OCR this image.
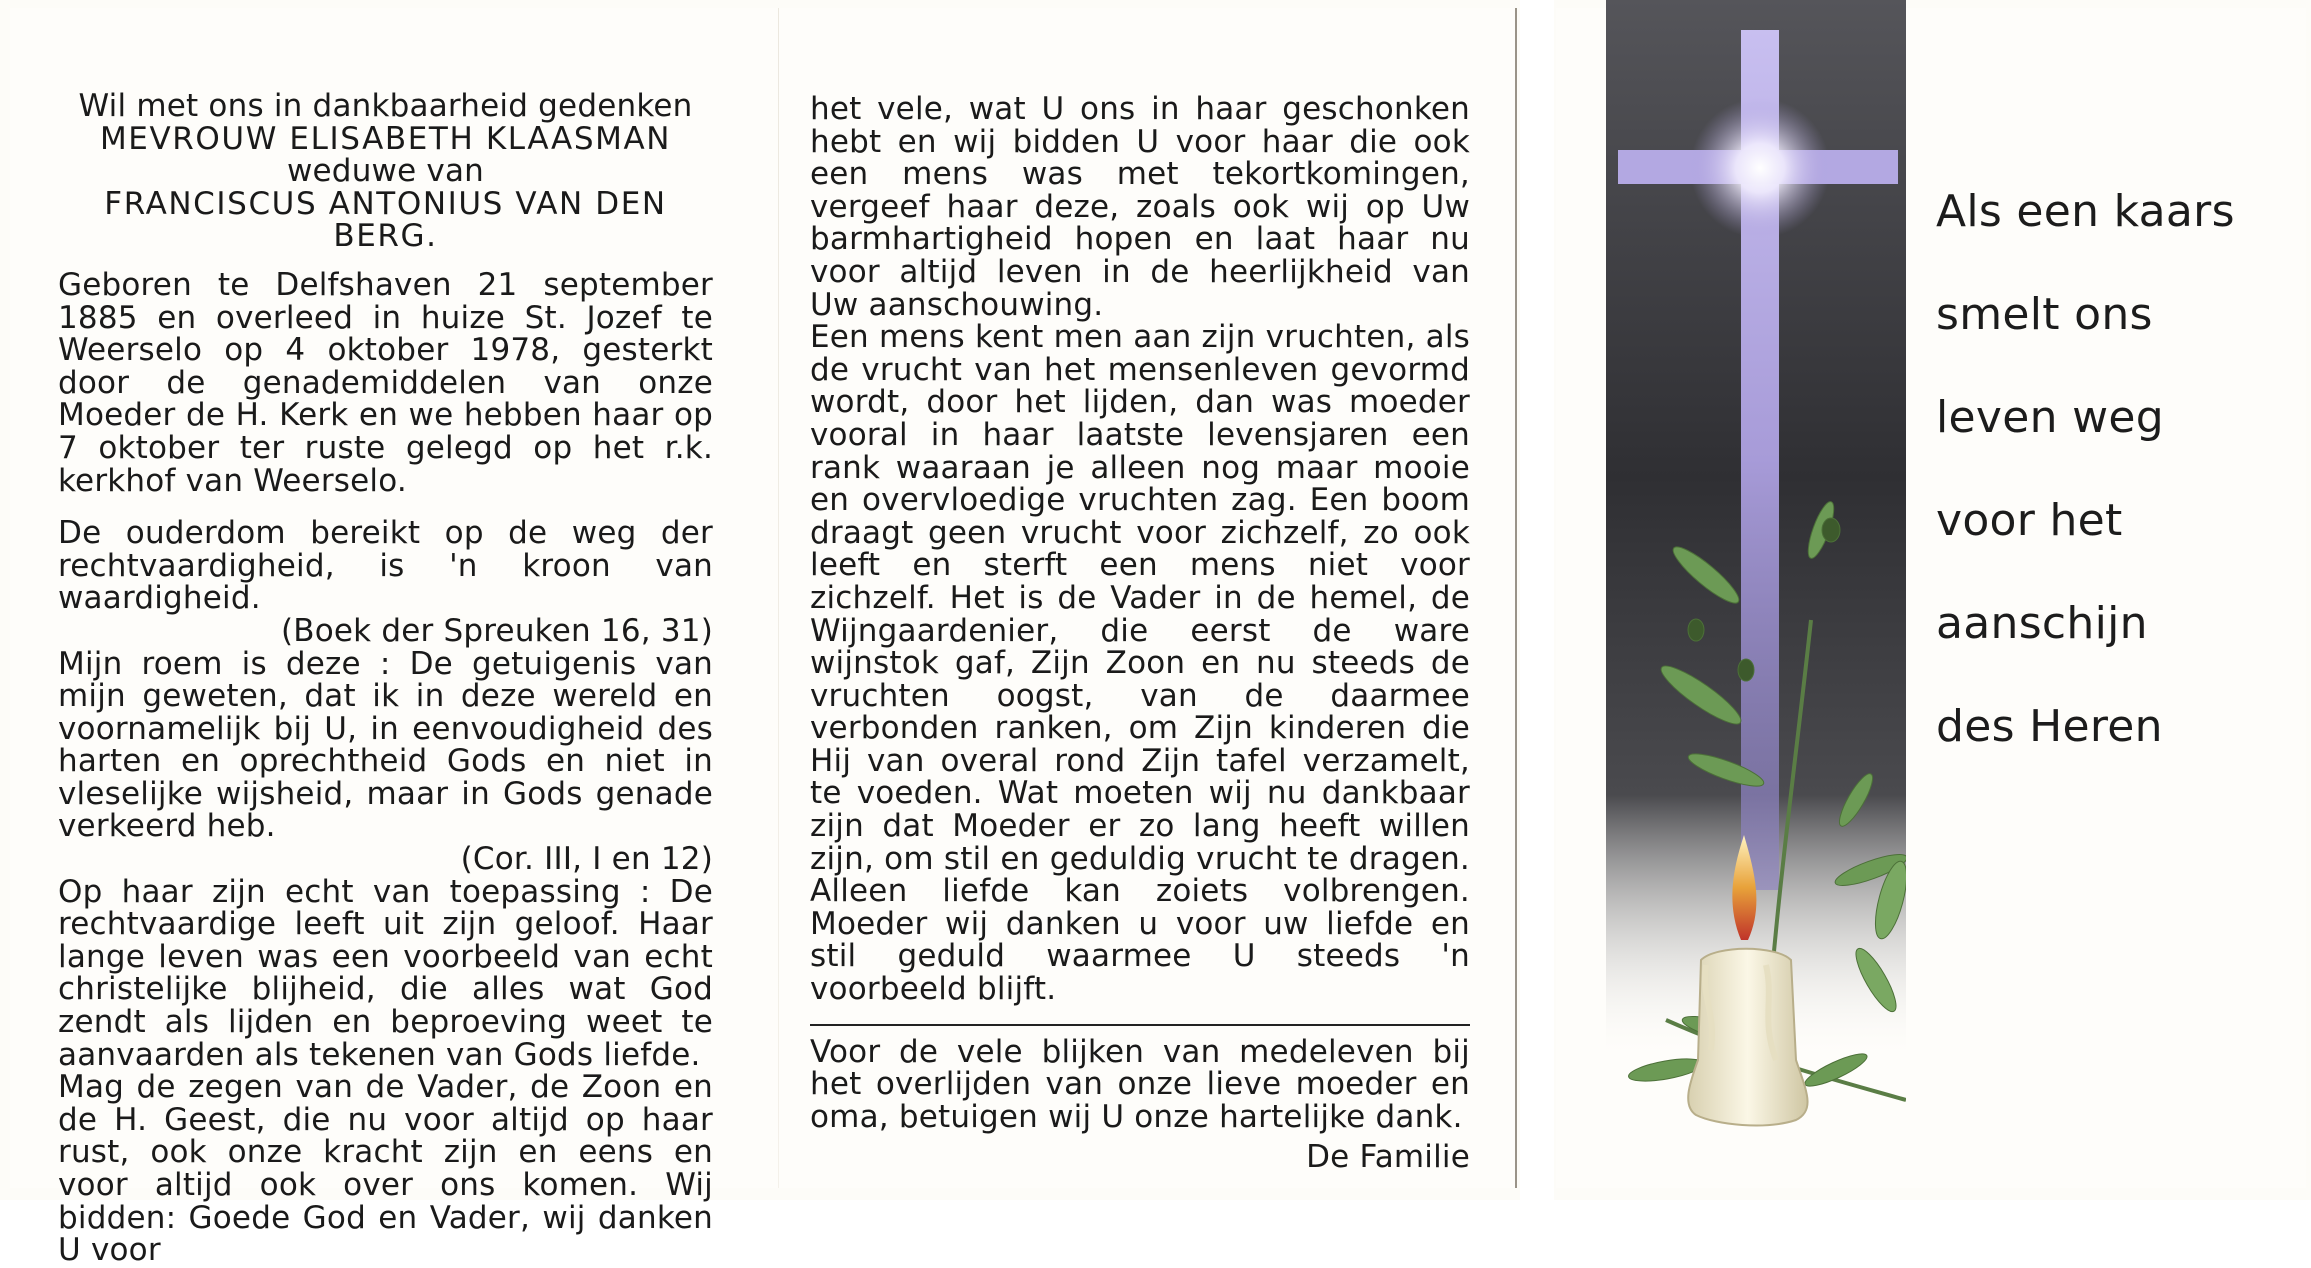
Wil met ons in dankbaarheid gedenken

MEVROUW ELISABETH KLAASMAN

weduwe van

FRANCISCUS ANTONIUS VAN DEN BERG.

Geboren te Delfshaven 21 september 1885 en overleed in huize St. Jozef te Weerselo op 4 oktober 1978, gesterkt door de genademiddelen van onze Moeder de H. Kerk en we hebben haar op 7 oktober ter ruste gelegd op het r.k. kerkhof van Weerselo.

De ouderdom bereikt op de weg der rechtvaardigheid, is 'n kroon van waardigheid.

(Boek der Spreuken 16, 31)

Mijn roem is deze : De getuigenis van mijn geweten, dat ik in deze wereld en voornamelijk bij U, in eenvoudigheid des harten en oprechtheid Gods en niet in vleselijke wijsheid, maar in Gods genade verkeerd heb.

(Cor. III, I en 12)

Op haar zijn echt van toepassing : De rechtvaardige leeft uit zijn geloof. Haar lange leven was een voorbeeld van echt christelijke blijheid, die alles wat God zendt als lijden en beproeving weet te aanvaarden als tekenen van Gods liefde.

Mag de zegen van de Vader, de Zoon en de H. Geest, die nu voor altijd op haar rust, ook onze kracht zijn en eens en voor altijd ook over ons komen. Wij bidden: Goede God en Vader, wij danken U voor

het vele, wat U ons in haar geschonken hebt en wij bidden U voor haar die ook een mens was met tekortkomingen, vergeef haar deze, zoals ook wij op Uw barmhartigheid hopen en laat haar nu voor altijd leven in de heerlijkheid van Uw aanschouwing.

Een mens kent men aan zijn vruchten, als de vrucht van het mensenleven gevormd wordt, door het lijden, dan was moeder vooral in haar laatste levensjaren een rank waaraan je alleen nog maar mooie en overvloedige vruchten zag. Een boom draagt geen vrucht voor zichzelf, zo ook leeft en sterft een mens niet voor zichzelf. Het is de Vader in de hemel, de Wijngaardenier, die eerst de ware wijnstok gaf, Zijn Zoon en nu steeds de vruchten oogst, van de daarmee verbonden ranken, om Zijn kinderen die Hij van overal rond Zijn tafel verzamelt, te voeden. Wat moeten wij nu dankbaar zijn dat Moeder er zo lang heeft willen zijn, om stil en geduldig vrucht te dragen. Alleen liefde kan zoiets volbrengen. Moeder wij danken u voor uw liefde en stil geduld waarmee U steeds 'n voorbeeld blijft.

Voor de vele blijken van medeleven bij het overlijden van onze lieve moeder en oma, betuigen wij U onze hartelijke dank.

De Familie

Als een kaars
smelt ons
leven weg
voor het
aanschijn
des Heren
